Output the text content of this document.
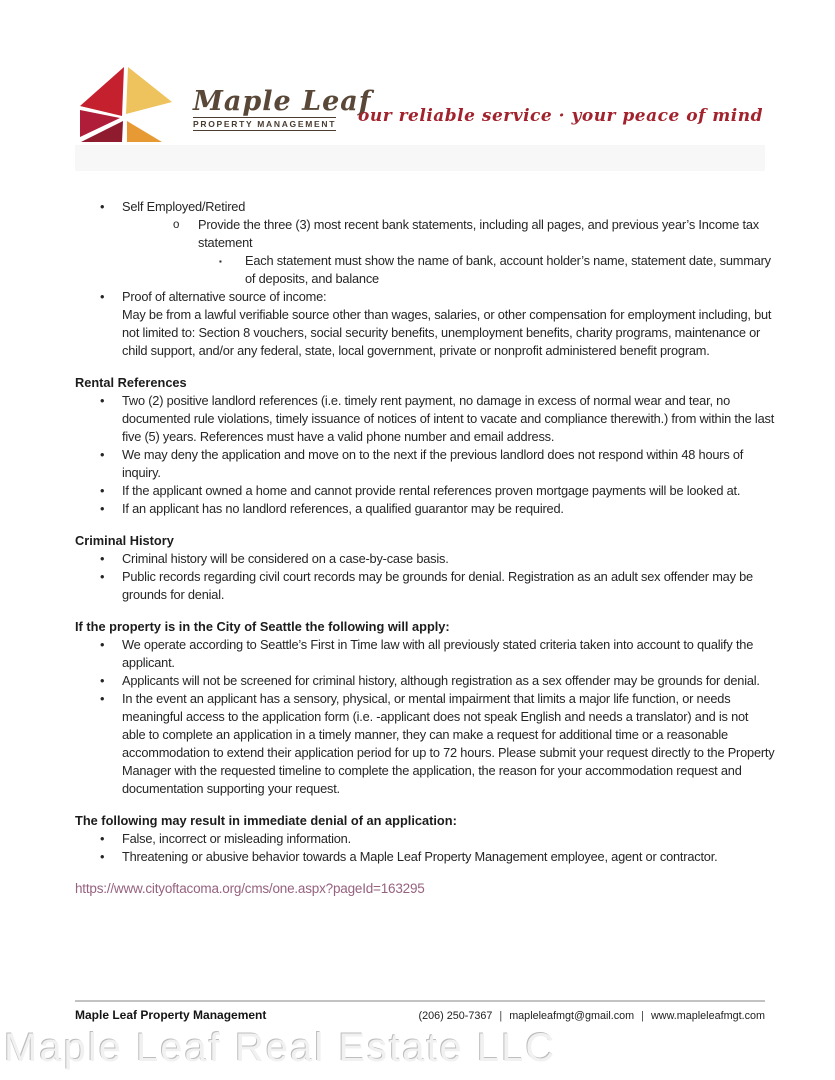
Maple Leaf
PROPERTY MANAGEMENT our reliable service · your peace of mind
• Self Employed/Retired
o Provide the three (3) most recent bank statements, including all pages, and previous year’s Income tax statement
▪ Each statement must show the name of bank, account holder’s name, statement date, summary of deposits, and balance
• Proof of alternative source of income:
May be from a lawful verifiable source other than wages, salaries, or other compensation for employment including, but not limited to: Section 8 vouchers, social security benefits, unemployment benefits, charity programs, maintenance or child support, and/or any federal, state, local government, private or nonprofit administered benefit program.
Rental References
• Two (2) positive landlord references (i.e. timely rent payment, no damage in excess of normal wear and tear, no documented rule violations, timely issuance of notices of intent to vacate and compliance therewith.) from within the last five (5) years. References must have a valid phone number and email address.
• We may deny the application and move on to the next if the previous landlord does not respond within 48 hours of inquiry.
• If the applicant owned a home and cannot provide rental references proven mortgage payments will be looked at.
• If an applicant has no landlord references, a qualified guarantor may be required.
Criminal History
• Criminal history will be considered on a case-by-case basis.
• Public records regarding civil court records may be grounds for denial. Registration as an adult sex offender may be grounds for denial.
If the property is in the City of Seattle the following will apply:
• We operate according to Seattle’s First in Time law with all previously stated criteria taken into account to qualify the applicant.
• Applicants will not be screened for criminal history, although registration as a sex offender may be grounds for denial.
• In the event an applicant has a sensory, physical, or mental impairment that limits a major life function, or needs meaningful access to the application form (i.e. -applicant does not speak English and needs a translator) and is not able to complete an application in a timely manner, they can make a request for additional time or a reasonable accommodation to extend their application period for up to 72 hours. Please submit your request directly to the Property Manager with the requested timeline to complete the application, the reason for your accommodation request and documentation supporting your request.
The following may result in immediate denial of an application:
• False, incorrect or misleading information.
• Threatening or abusive behavior towards a Maple Leaf Property Management employee, agent or contractor.
https://www.cityoftacoma.org/cms/one.aspx?pageId=163295
Maple Leaf Property Management	(206) 250-7367 | mapleleafmgt@gmail.com | www.mapleleafmgt.com
Maple Leaf Real Estate LLC
